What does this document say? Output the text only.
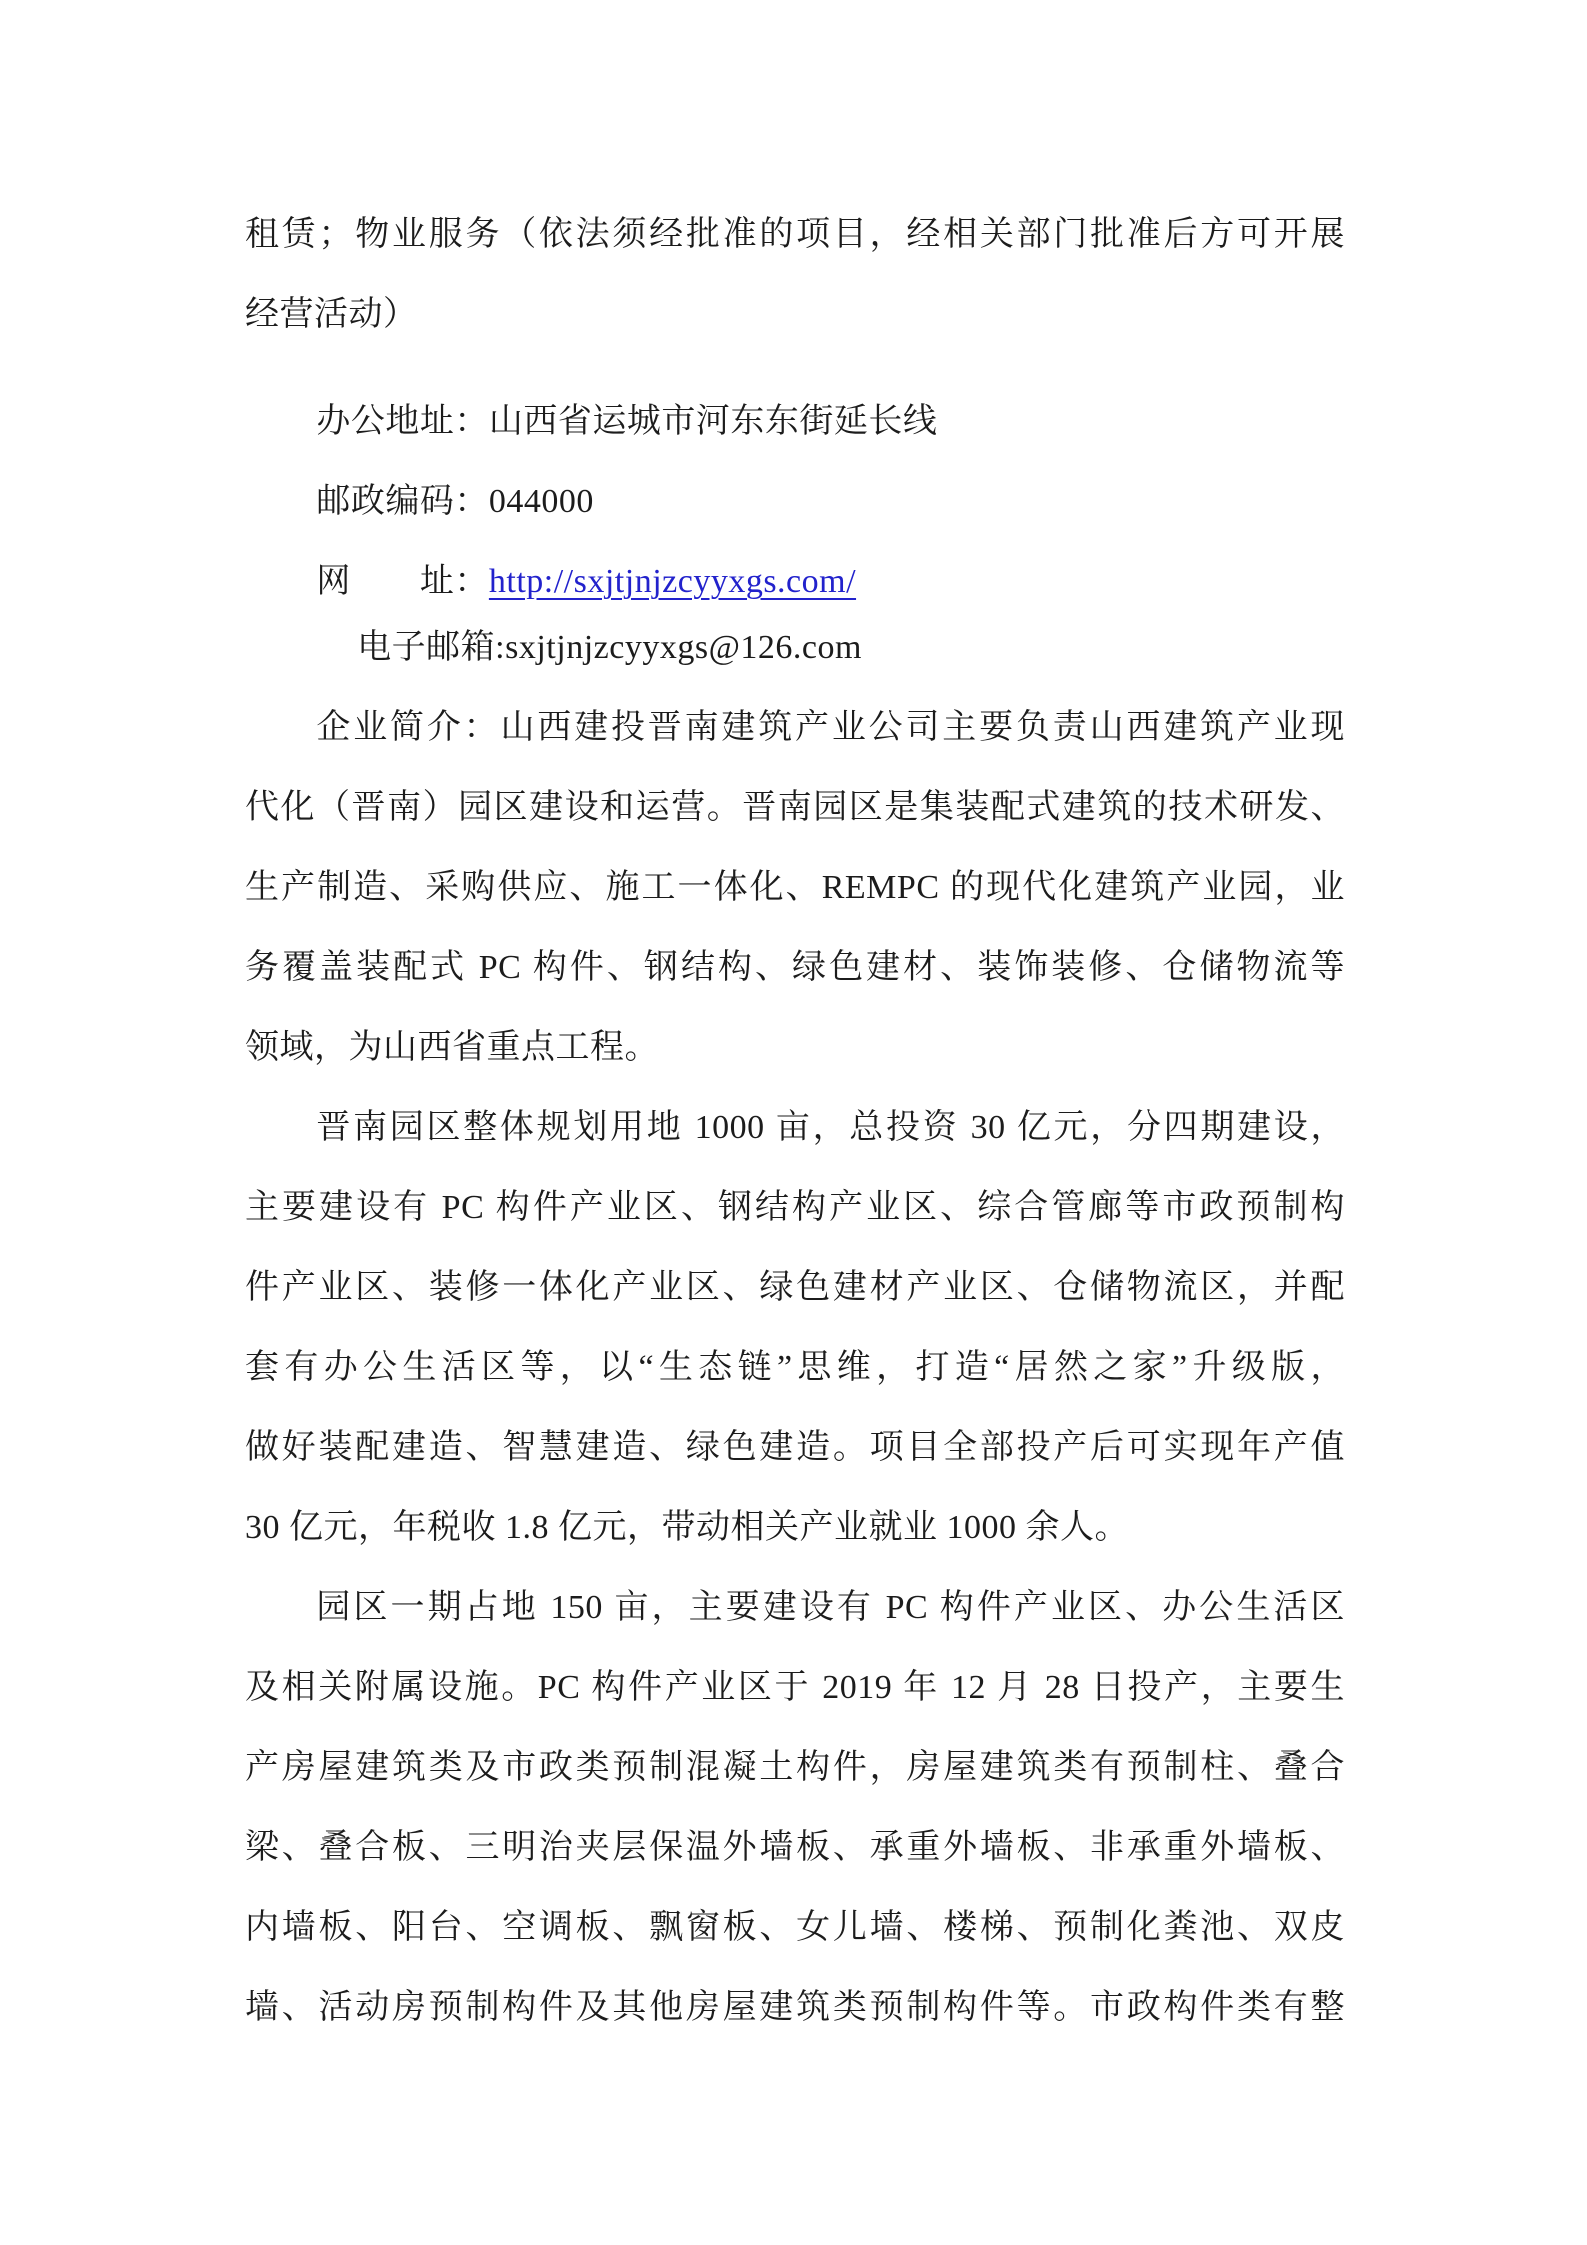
租赁；物业服务（依法须经批准的项目，经相关部门批准后方可开展
经营活动）
办公地址：山西省运城市河东东街延长线
邮政编码：044000
网　　址：http://sxjtjnjzcyyxgs.com/
电子邮箱:sxjtjnjzcyyxgs@126.com
企业简介：山西建投晋南建筑产业公司主要负责山西建筑产业现
代化（晋南）园区建设和运营。晋南园区是集装配式建筑的技术研发、
生产制造、采购供应、施工一体化、REMPC 的现代化建筑产业园，业
务覆盖装配式 PC 构件、钢结构、绿色建材、装饰装修、仓储物流等
领域，为山西省重点工程。
晋南园区整体规划用地 1000 亩，总投资 30 亿元，分四期建设，
主要建设有 PC 构件产业区、钢结构产业区、综合管廊等市政预制构
件产业区、装修一体化产业区、绿色建材产业区、仓储物流区，并配
套有办公生活区等，以“生态链”思维，打造“居然之家”升级版，
做好装配建造、智慧建造、绿色建造。项目全部投产后可实现年产值
30 亿元，年税收 1.8 亿元，带动相关产业就业 1000 余人。
园区一期占地 150 亩，主要建设有 PC 构件产业区、办公生活区
及相关附属设施。PC 构件产业区于 2019 年 12 月 28 日投产，主要生
产房屋建筑类及市政类预制混凝土构件，房屋建筑类有预制柱、叠合
梁、叠合板、三明治夹层保温外墙板、承重外墙板、非承重外墙板、
内墙板、阳台、空调板、飘窗板、女儿墙、楼梯、预制化粪池、双皮
墙、活动房预制构件及其他房屋建筑类预制构件等。市政构件类有整
